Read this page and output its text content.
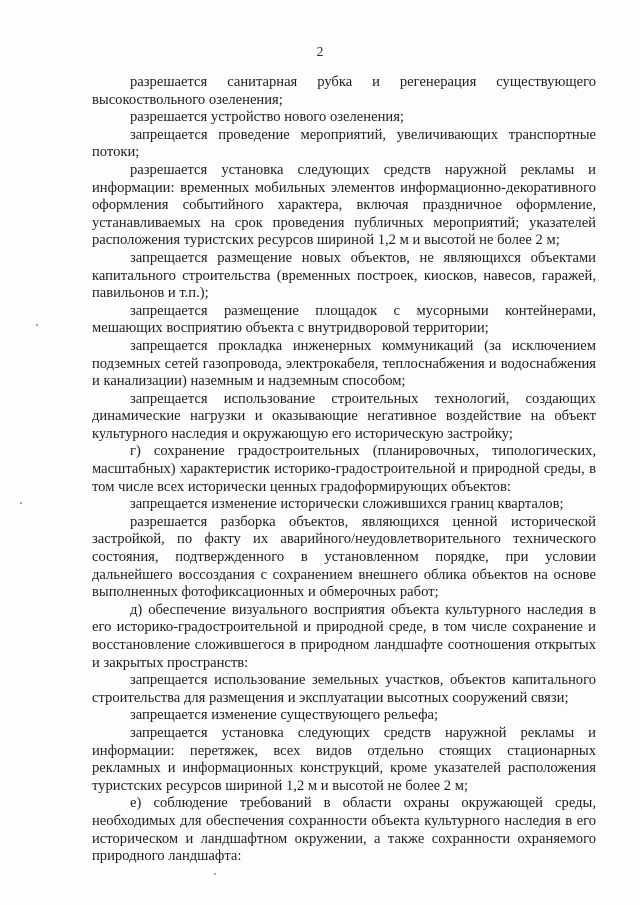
2

разрешается санитарная рубка и регенерация существующего высокоствольного озеленения;

разрешается устройство нового озеленения;

запрещается проведение мероприятий, увеличивающих транспортные потоки;

разрешается установка следующих средств наружной рекламы и информации: временных мобильных элементов информационно-декоративного оформления событийного характера, включая праздничное оформление, устанавливаемых на срок проведения публичных мероприятий; указателей расположения туристских ресурсов шириной 1,2 м и высотой не более 2 м;

запрещается размещение новых объектов, не являющихся объектами капитального строительства (временных построек, киосков, навесов, гаражей, павильонов и т.п.);

запрещается размещение площадок с мусорными контейнерами, мешающих восприятию объекта с внутридворовой территории;

запрещается прокладка инженерных коммуникаций (за исключением подземных сетей газопровода, электрокабеля, теплоснабжения и водоснабжения и канализации) наземным и надземным способом;

запрещается использование строительных технологий, создающих динамические нагрузки и оказывающие негативное воздействие на объект культурного наследия и окружающую его историческую застройку;

г) сохранение градостроительных (планировочных, типологических, масштабных) характеристик историко-градостроительной и природной среды, в том числе всех исторически ценных градоформирующих объектов:

запрещается изменение исторически сложившихся границ кварталов;

разрешается разборка объектов, являющихся ценной исторической застройкой, по факту их аварийного/неудовлетворительного технического состояния, подтвержденного в установленном порядке, при условии дальнейшего воссоздания с сохранением внешнего облика объектов на основе выполненных фотофиксационных и обмерочных работ;

д) обеспечение визуального восприятия объекта культурного наследия в его историко-градостроительной и природной среде, в том числе сохранение и восстановление сложившегося в природном ландшафте соотношения открытых и закрытых пространств:

запрещается использование земельных участков, объектов капитального строительства для размещения и эксплуатации высотных сооружений связи;

запрещается изменение существующего рельефа;

запрещается установка следующих средств наружной рекламы и информации: перетяжек, всех видов отдельно стоящих стационарных рекламных и информационных конструкций, кроме указателей расположения туристских ресурсов шириной 1,2 м и высотой не более 2 м;

е) соблюдение требований в области охраны окружающей среды, необходимых для обеспечения сохранности объекта культурного наследия в его историческом и ландшафтном окружении, а также сохранности охраняемого природного ландшафта:
